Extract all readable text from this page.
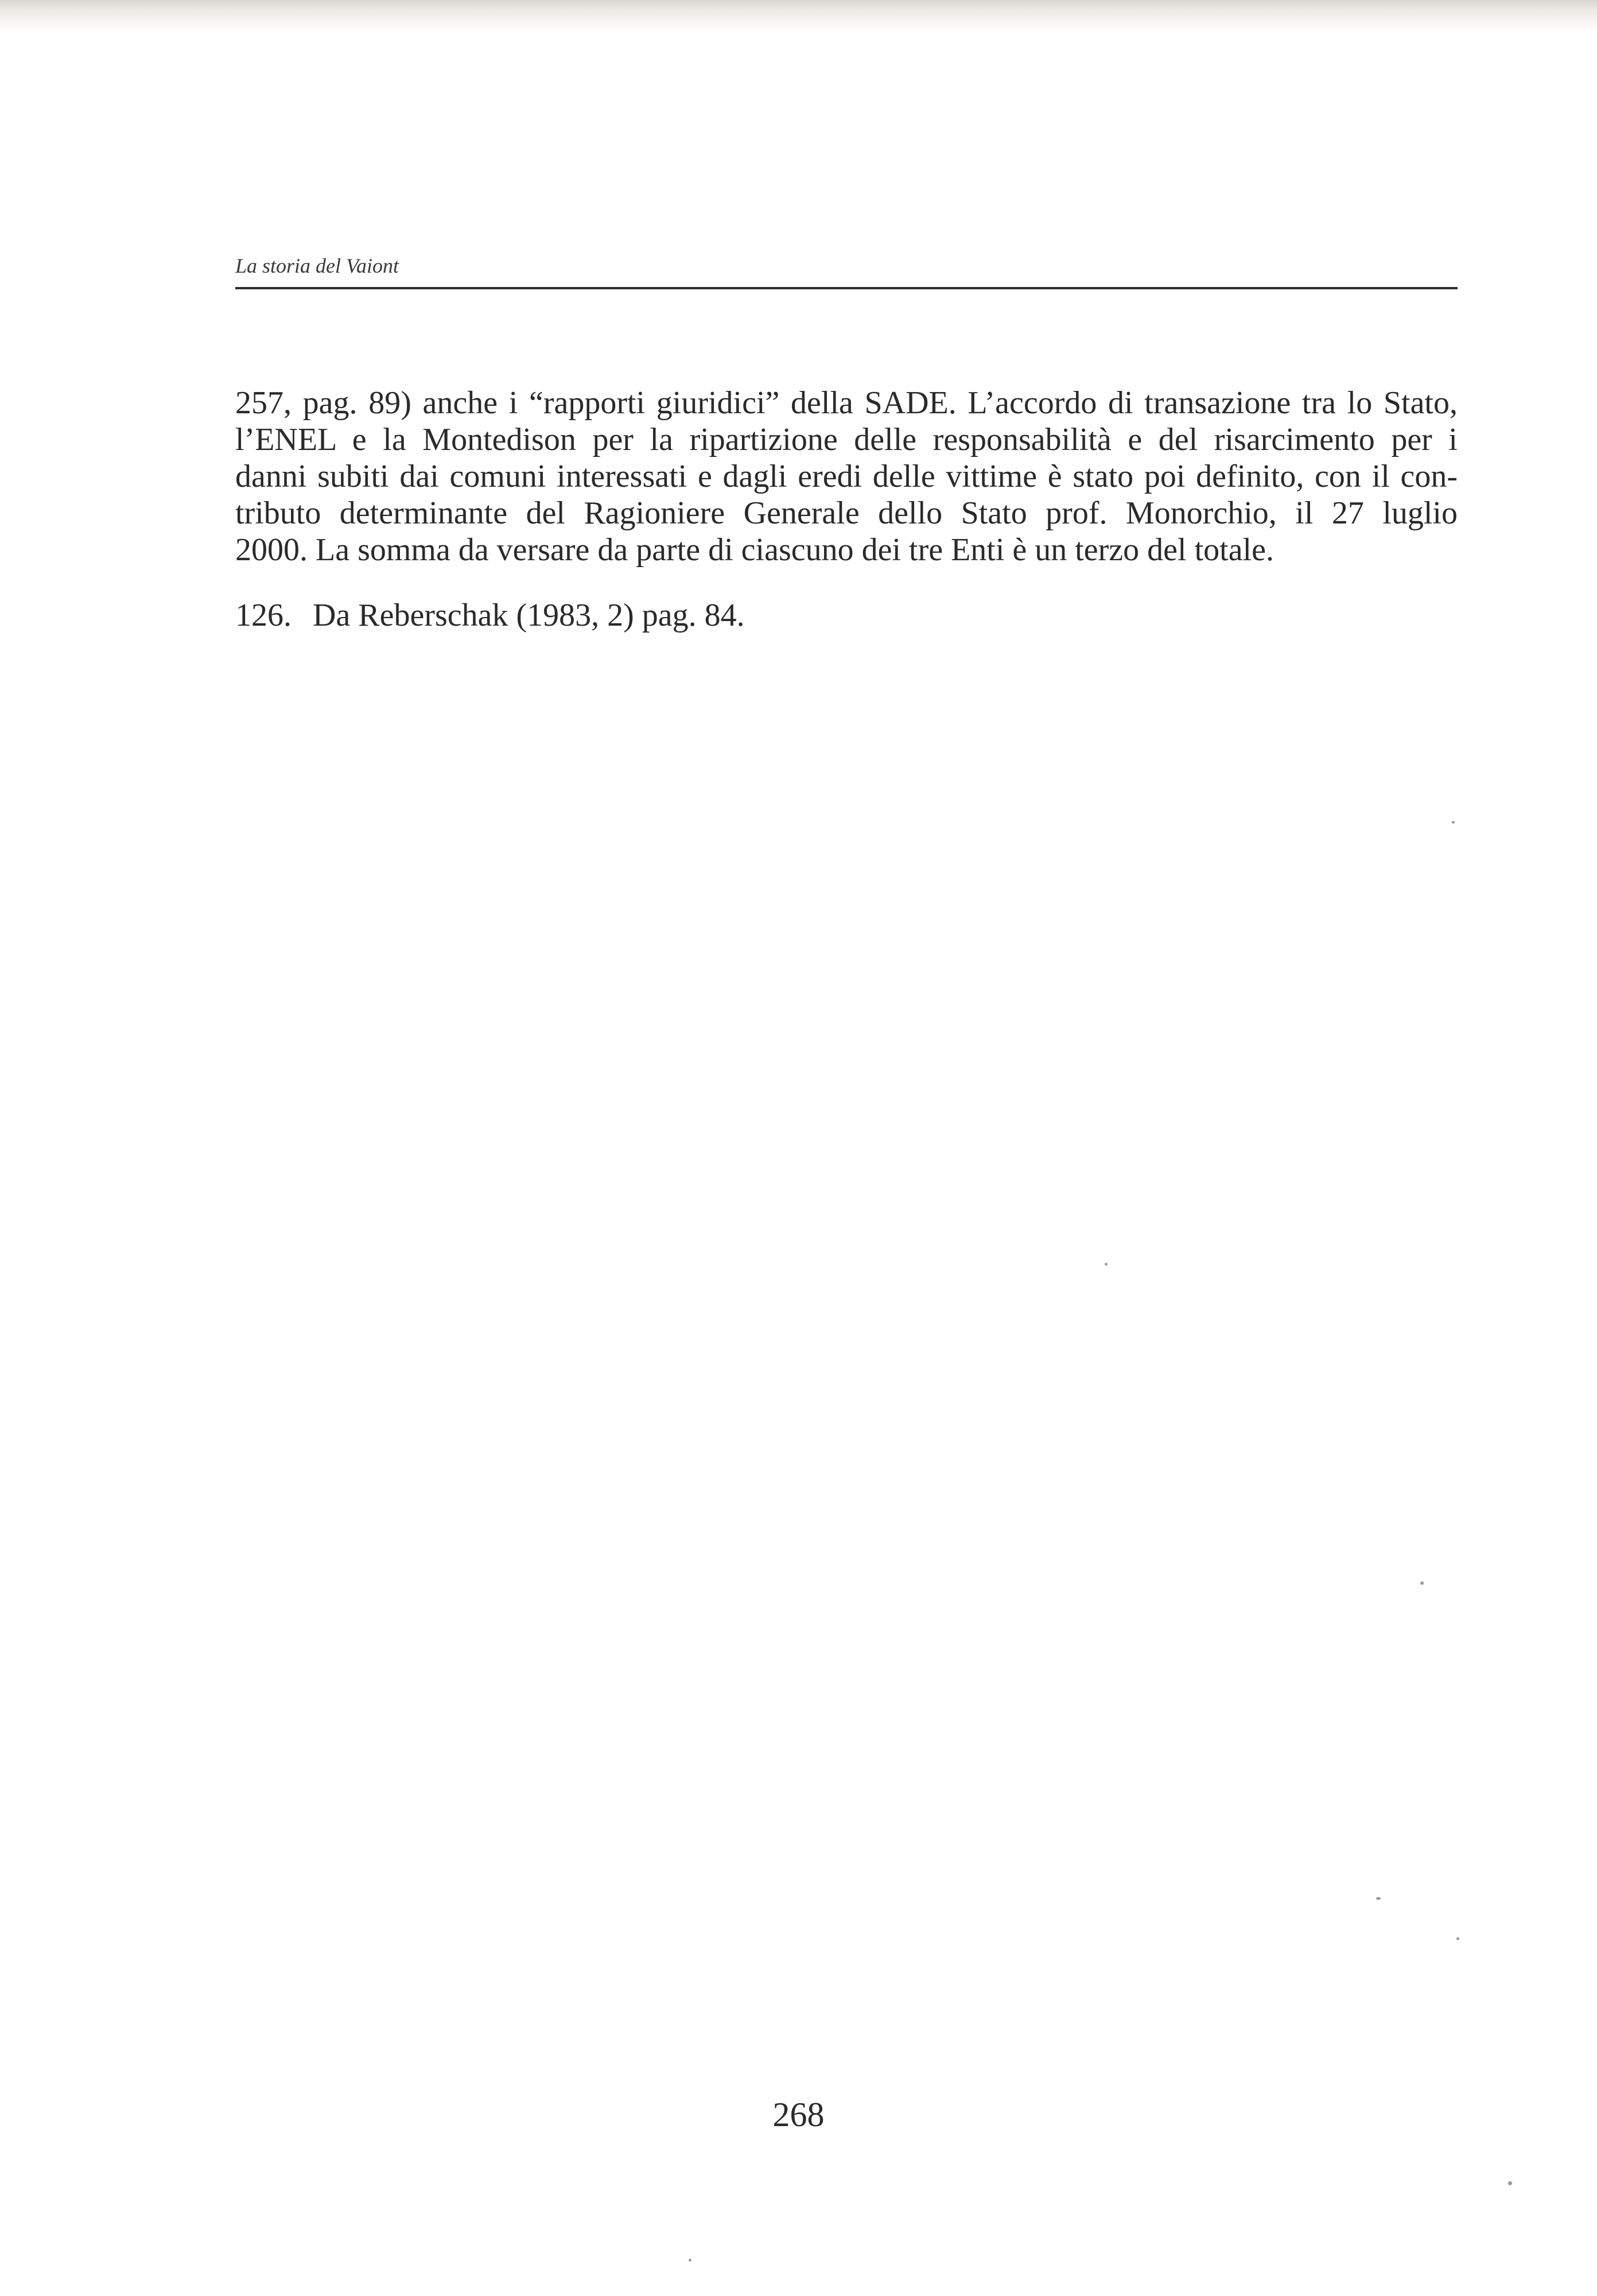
La storia del Vaiont
257, pag. 89) anche i “rapporti giuridici” della SADE. L’accordo di transazione tra lo Stato,
l’ENEL e la Montedison per la ripartizione delle responsabilità e del risarcimento per i
danni subiti dai comuni interessati e dagli eredi delle vittime è stato poi definito, con il con-
tributo determinante del Ragioniere Generale dello Stato prof. Monorchio, il 27 luglio
2000. La somma da versare da parte di ciascuno dei tre Enti è un terzo del totale.
126. Da Reberschak (1983, 2) pag. 84.
268
